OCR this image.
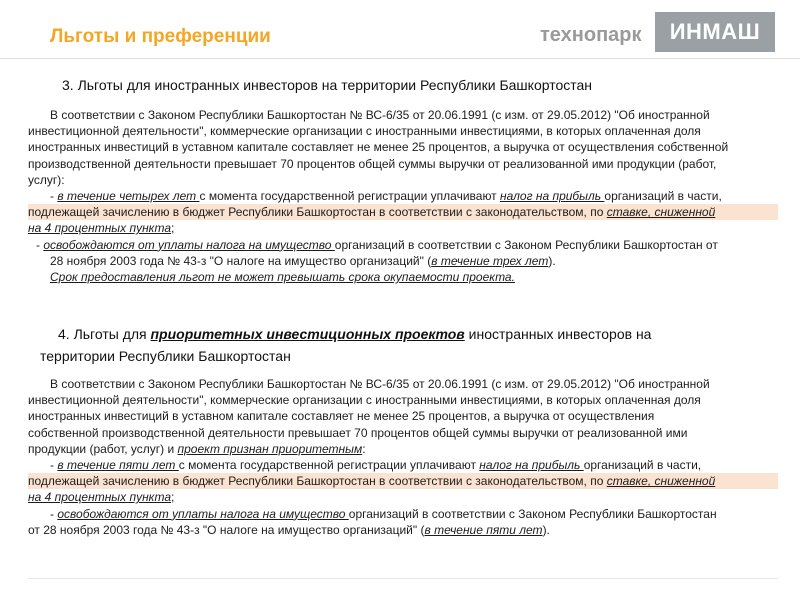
Льготы и преференции	технопарк	ИНМАШ
3. Льготы для иностранных инвесторов на территории Республики Башкортостан

В соответствии с Законом Республики Башкортостан № ВС-6/35 от 20.06.1991 (с изм. от 29.05.2012) "Об иностранной

инвестиционной деятельности", коммерческие организации с иностранными инвестициями, в которых оплаченная доля

иностранных инвестиций в уставном капитале составляет не менее 25 процентов, а выручка от осуществления собственной

производственной деятельности превышает 70 процентов общей суммы выручки от реализованной ими продукции (работ,

услуг):

- в течение четырех лет с момента государственной регистрации уплачивают налог на прибыль организаций в части,

подлежащей зачислению в бюджет Республики Башкортостан в соответствии с законодательством, по ставке, сниженной

на 4 процентных пункта;

- освобождаются от уплаты налога на имущество организаций в соответствии с Законом Республики Башкортостан от

28 ноября 2003 года № 43-з "О налоге на имущество организаций" (в течение трех лет).

Срок предоставления льгот не может превышать срока окупаемости проекта.

4. Льготы для приоритетных инвестиционных проектов иностранных инвесторов на
территории Республики Башкортостан

В соответствии с Законом Республики Башкортостан № ВС-6/35 от 20.06.1991 (с изм. от 29.05.2012) "Об иностранной

инвестиционной деятельности", коммерческие организации с иностранными инвестициями, в которых оплаченная доля

иностранных инвестиций в уставном капитале составляет не менее 25 процентов, а выручка от осуществления

собственной производственной деятельности превышает 70 процентов общей суммы выручки от реализованной ими

продукции (работ, услуг) и проект признан приоритетным:

- в течение пяти лет с момента государственной регистрации уплачивают налог на прибыль организаций в части,

подлежащей зачислению в бюджет Республики Башкортостан в соответствии с законодательством, по ставке, сниженной

на 4 процентных пункта;

- освобождаются от уплаты налога на имущество организаций в соответствии с Законом Республики Башкортостан

от 28 ноября 2003 года № 43-з "О налоге на имущество организаций" (в течение пяти лет).
